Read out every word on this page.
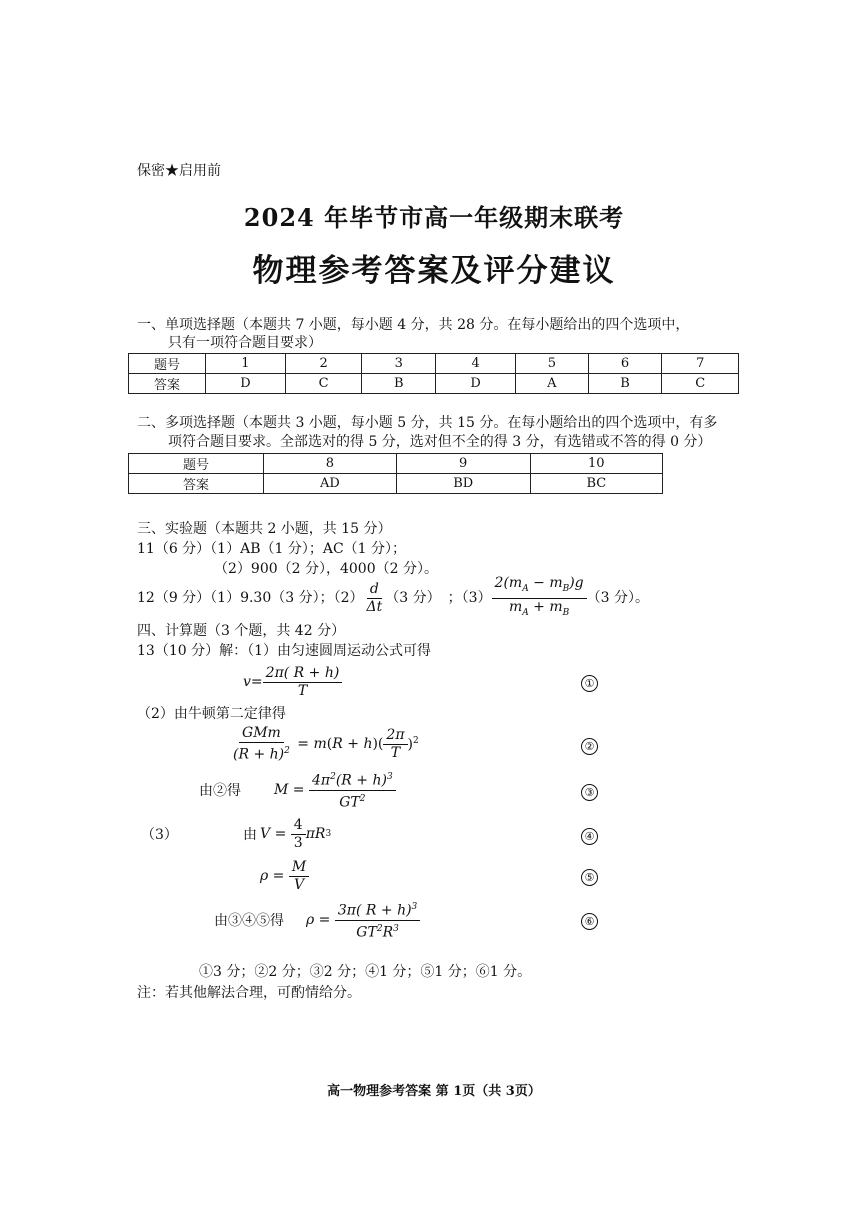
保密★启用前
2024 年毕节市高一年级期末联考
物理参考答案及评分建议
一、单项选择题（本题共 7 小题，每小题 4 分，共 28 分。在每小题给出的四个选项中，
只有一项符合题目要求）
题号	1	2	3	4	5	6	7
答案	D	C	B	D	A	B	C
二、多项选择题（本题共 3 小题，每小题 5 分，共 15 分。在每小题给出的四个选项中，有多
项符合题目要求。全部选对的得 5 分，选对但不全的得 3 分，有选错或不答的得 0 分）
题号	8	9	10
答案	AD	BD	BC
三、实验题（本题共 2 小题，共 15 分）
11（6 分）（1）AB（1 分）；AC（1 分）；
（2）900（2 分），4000（2 分）。
12（9 分）（1）9.30（3 分）；$(2) \frac{d}{\Delta t} (3$ 分）　；$(3) \frac{2(m_A - m_B)g}{m_A + m_B} (3$ 分）。
四、计算题（3 个题，共 42 分）
13（10 分）解：（1）由匀速圆周运动公式可得
$v = \frac{2\pi( R + h)}{T}$	①
（2）由牛顿第二定律得
$\frac{\text{GMm}}{(R + h)^2} = m(R + h)( \frac{2\pi}{T} )^2$	②
由②得 $M = \frac{4\pi^2(R + h)^3}{GT^2}$	③
（3）	由 $V = \frac{4}{3}$ πR 3	④
$\rho = \frac{M}{V}$	⑤
由③④⑤得 $\rho = \frac{3\pi( R + h)^3}{GT^2R^3}$	⑥
①3 分；②2 分；③2 分；④1 分；⑤1 分；⑥1 分。
注：若其他解法合理，可酌情给分。
高一物理参考答案 第 1页（共 3页）
